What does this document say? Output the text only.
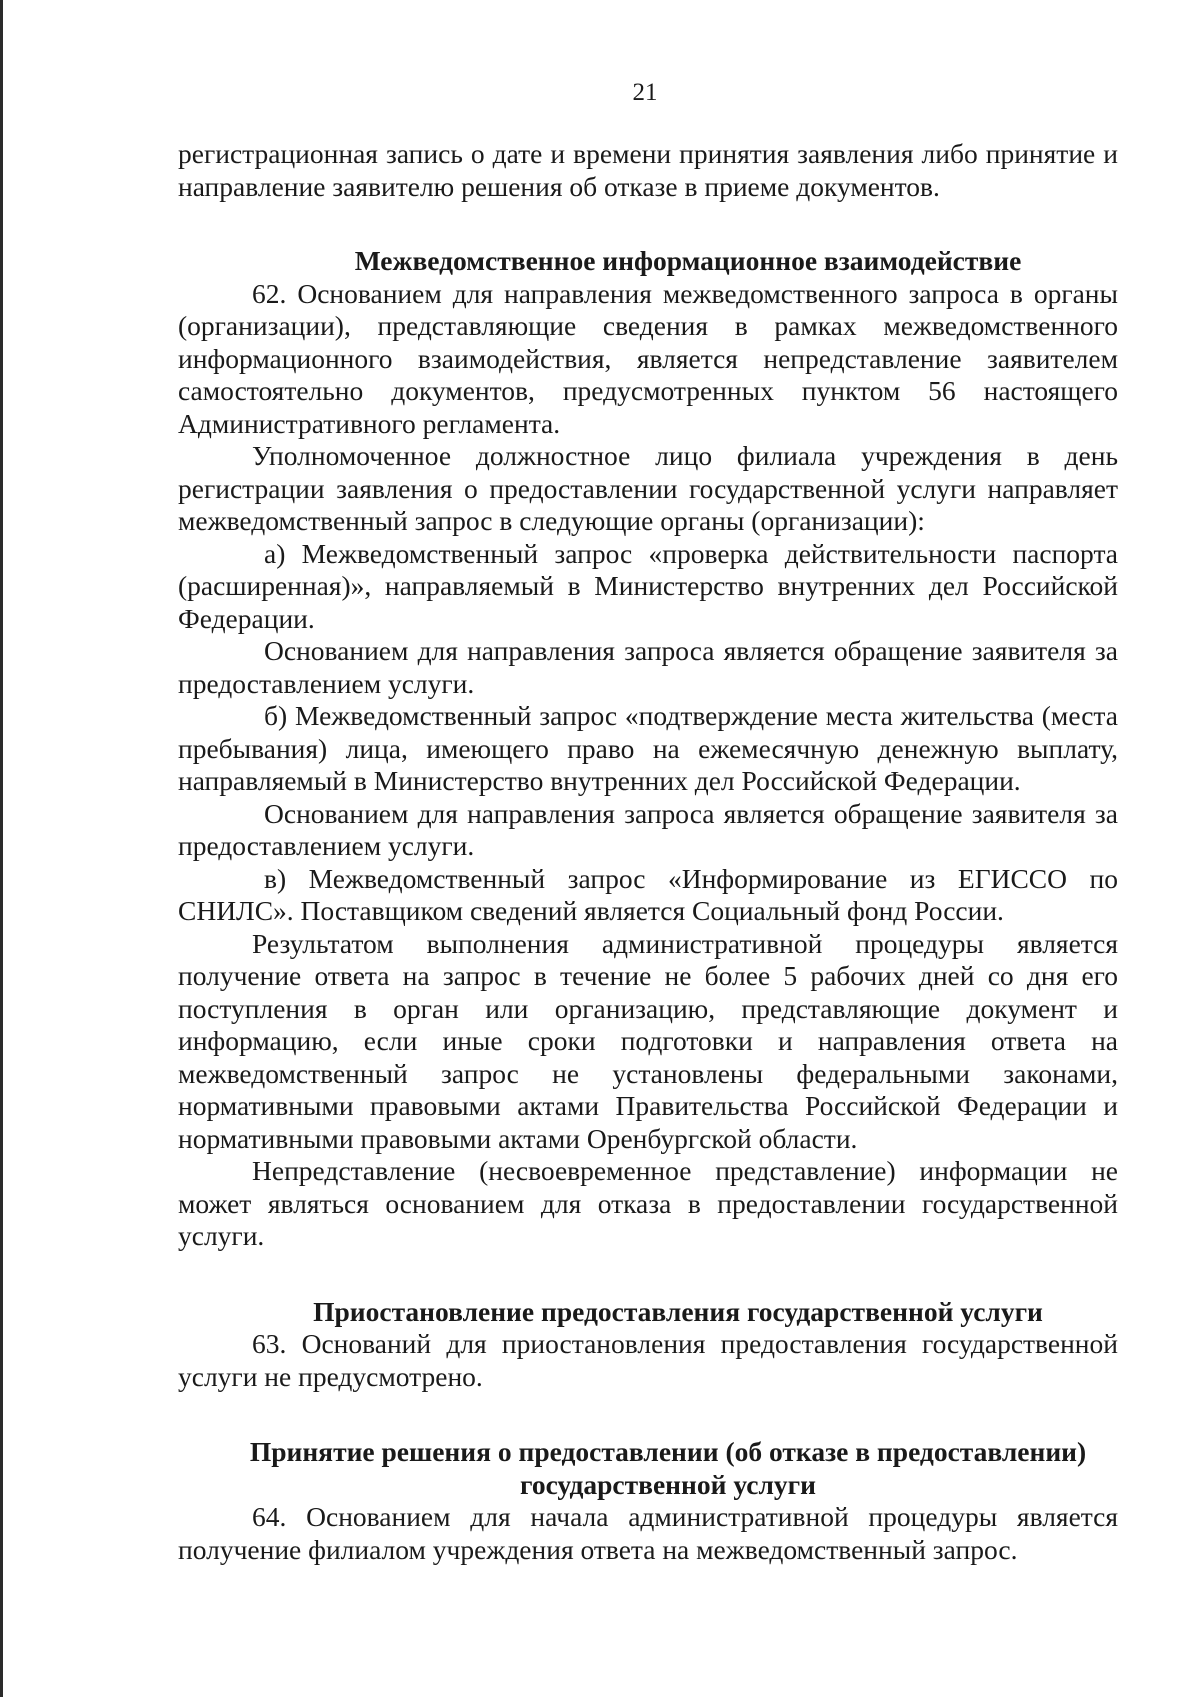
21

регистрационная запись о дате и времени принятия заявления либо принятие и направление заявителю решения об отказе в приеме документов.

Межведомственное информационное взаимодействие

62. Основанием для направления межведомственного запроса в органы (организации), представляющие сведения в рамках межведомственного информационного взаимодействия, является непредставление заявителем самостоятельно документов, предусмотренных пунктом 56 настоящего Административного регламента.

Уполномоченное должностное лицо филиала учреждения в день регистрации заявления о предоставлении государственной услуги направляет межведомственный запрос в следующие органы (организации):

а) Межведомственный запрос «проверка действительности паспорта (расширенная)», направляемый в Министерство внутренних дел Российской Федерации.

Основанием для направления запроса является обращение заявителя за предоставлением услуги.

б) Межведомственный запрос «подтверждение места жительства (места пребывания) лица, имеющего право на ежемесячную денежную выплату, направляемый в Министерство внутренних дел Российской Федерации.

Основанием для направления запроса является обращение заявителя за предоставлением услуги.

в) Межведомственный запрос «Информирование из ЕГИССО по СНИЛС». Поставщиком сведений является Социальный фонд России.

Результатом выполнения административной процедуры является получение ответа на запрос в течение не более 5 рабочих дней со дня его поступления в орган или организацию, представляющие документ и информацию, если иные сроки подготовки и направления ответа на межведомственный запрос не установлены федеральными законами, нормативными правовыми актами Правительства Российской Федерации и нормативными правовыми актами Оренбургской области.

Непредставление (несвоевременное представление) информации не может являться основанием для отказа в предоставлении государственной услуги.

Приостановление предоставления государственной услуги

63. Оснований для приостановления предоставления государственной услуги не предусмотрено.

Принятие решения о предоставлении (об отказе в предоставлении)
государственной услуги

64. Основанием для начала административной процедуры является получение филиалом учреждения ответа на межведомственный запрос.
